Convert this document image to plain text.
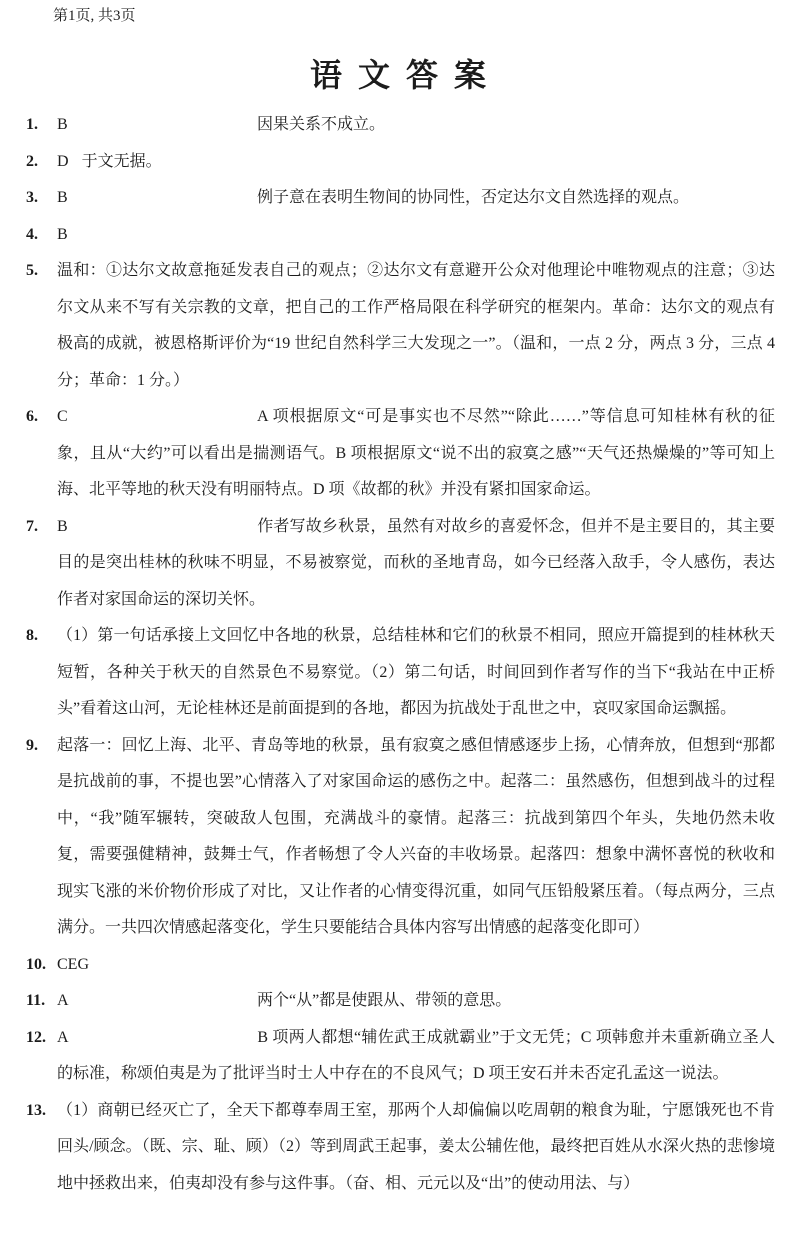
第1页, 共3页
语 文 答 案
1. B	因果关系不成立。
2. D 于文无据。
3. B	例子意在表明生物间的协同性，否定达尔文自然选择的观点。
4. B
5. 温和：①达尔文故意拖延发表自己的观点；②达尔文有意避开公众对他理论中唯物观点的注意；③达尔文从来不写有关宗教的文章，把自己的工作严格局限在科学研究的框架内。革命：达尔文的观点有极高的成就，被恩格斯评价为“19 世纪自然科学三大发现之一”。（温和，一点 2 分，两点 3 分，三点 4 分；革命：1 分。）
6. C	A 项根据原文“可是事实也不尽然”“除此……”等信息可知桂林有秋的征象，且从“大约”可以看出是揣测语气。B 项根据原文“说不出的寂寞之感”“天气还热燥燥的”等可知上海、北平等地的秋天没有明丽特点。D 项《故都的秋》并没有紧扣国家命运。
7. B	作者写故乡秋景，虽然有对故乡的喜爱怀念，但并不是主要目的，其主要目的是突出桂林的秋味不明显，不易被察觉，而秋的圣地青岛，如今已经落入敌手，令人感伤，表达作者对家国命运的深切关怀。
8. （1）第一句话承接上文回忆中各地的秋景，总结桂林和它们的秋景不相同，照应开篇提到的桂林秋天短暂，各种关于秋天的自然景色不易察觉。（2）第二句话，时间回到作者写作的当下“我站在中正桥头”看着这山河，无论桂林还是前面提到的各地，都因为抗战处于乱世之中，哀叹家国命运飘摇。
9. 起落一：回忆上海、北平、青岛等地的秋景，虽有寂寞之感但情感逐步上扬，心情奔放，但想到“那都是抗战前的事，不提也罢”心情落入了对家国命运的感伤之中。起落二：虽然感伤，但想到战斗的过程中，“我”随军辗转，突破敌人包围，充满战斗的豪情。起落三：抗战到第四个年头，失地仍然未收复，需要强健精神，鼓舞士气，作者畅想了令人兴奋的丰收场景。起落四：想象中满怀喜悦的秋收和现实飞涨的米价物价形成了对比，又让作者的心情变得沉重，如同气压铅般紧压着。（每点两分，三点满分。一共四次情感起落变化，学生只要能结合具体内容写出情感的起落变化即可）
10. CEG
11. A	两个“从”都是使跟从、带领的意思。
12. A	B 项两人都想“辅佐武王成就霸业”于文无凭；C 项韩愈并未重新确立圣人的标准，称颂伯夷是为了批评当时士人中存在的不良风气；D 项王安石并未否定孔孟这一说法。
13. （1）商朝已经灭亡了，全天下都尊奉周王室，那两个人却偏偏以吃周朝的粮食为耻，宁愿饿死也不肯回头/顾念。（既、宗、耻、顾）（2）等到周武王起事，姜太公辅佐他，最终把百姓从水深火热的悲惨境地中拯救出来，伯夷却没有参与这件事。（奋、相、元元以及“出”的使动用法、与）
